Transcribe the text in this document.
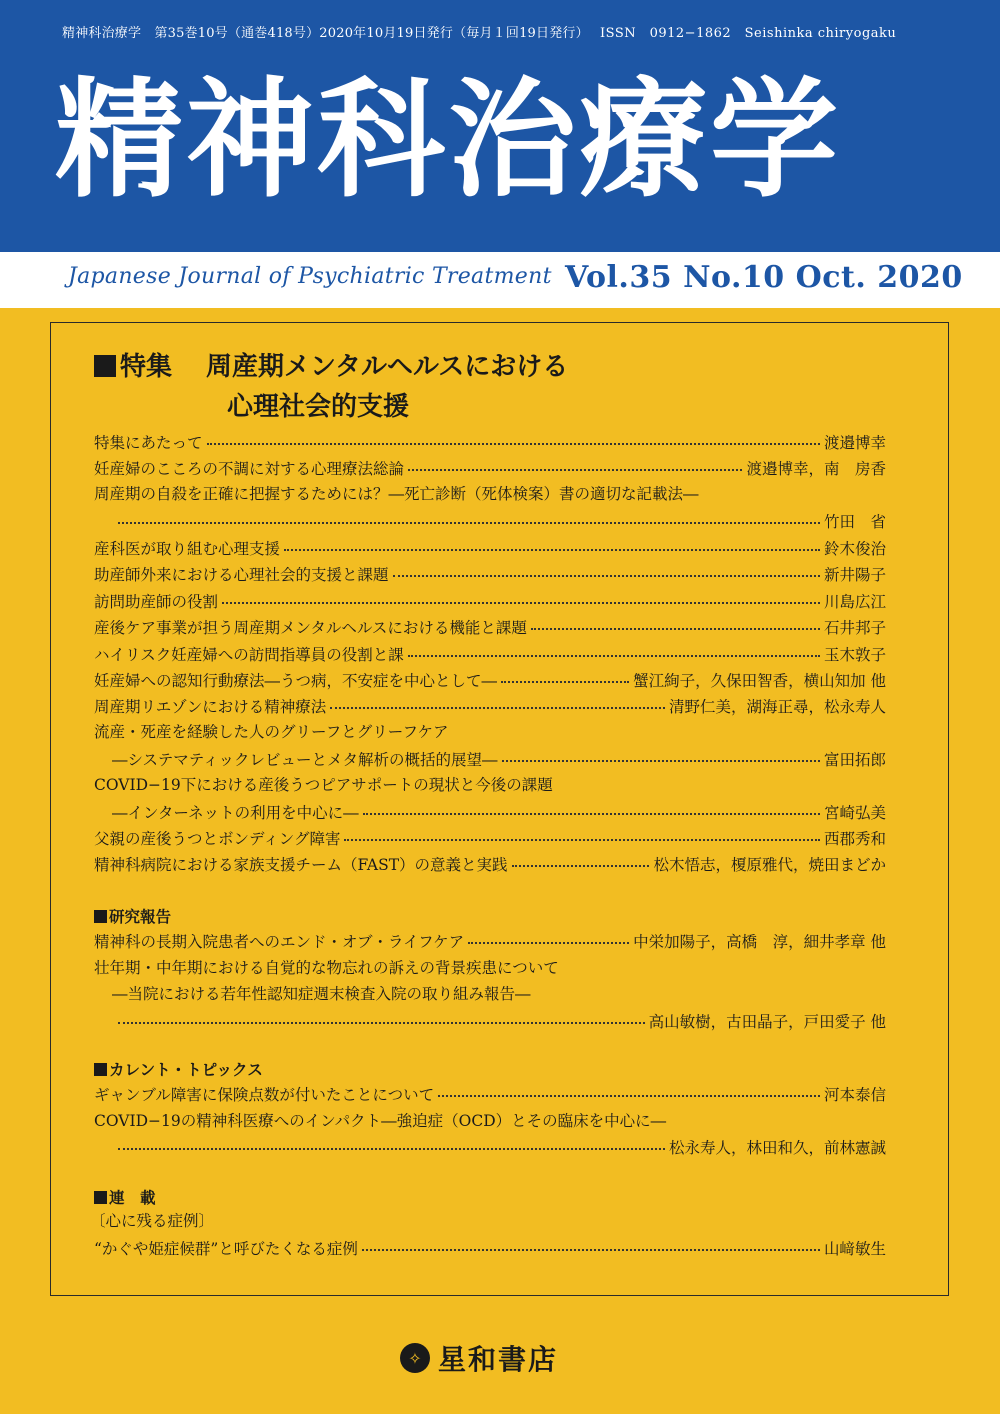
精神科治療学　第35巻10号（通巻418号）2020年10月19日発行（毎月１回19日発行） ISSN　0912−1862　Seishinka chiryogaku
精神科治療学
Japanese Journal of Psychiatric Treatment Vol.35 No.10 Oct. 2020
特集 周産期メンタルヘルスにおける
心理社会的支援
特集にあたって	渡邉博幸
妊産婦のこころの不調に対する心理療法総論	渡邉博幸，南　房香
周産期の自殺を正確に把握するためには？―死亡診断（死体検案）書の適切な記載法―
竹田　省
産科医が取り組む心理支援	鈴木俊治
助産師外来における心理社会的支援と課題	新井陽子
訪問助産師の役割	川島広江
産後ケア事業が担う周産期メンタルヘルスにおける機能と課題	石井邦子
ハイリスク妊産婦への訪問指導員の役割と課	玉木敦子
妊産婦への認知行動療法―うつ病，不安症を中心として―	蟹江絢子，久保田智香，横山知加 他
周産期リエゾンにおける精神療法	清野仁美，湖海正尋，松永寿人
流産・死産を経験した人のグリーフとグリーフケア
―システマティックレビューとメタ解析の概括的展望―	富田拓郎
COVID−19下における産後うつピアサポートの現状と今後の課題
―インターネットの利用を中心に―	宮崎弘美
父親の産後うつとボンディング障害	西郡秀和
精神科病院における家族支援チーム（FAST）の意義と実践	松木悟志，榎原雅代，焼田まどか
研究報告
精神科の長期入院患者へのエンド・オブ・ライフケア	中栄加陽子，高橋　淳，細井孝章 他
壮年期・中年期における自覚的な物忘れの訴えの背景疾患について
―当院における若年性認知症週末検査入院の取り組み報告―
高山敏樹，古田晶子，戸田愛子 他
カレント・トピックス
ギャンブル障害に保険点数が付いたことについて	河本泰信
COVID−19の精神科医療へのインパクト―強迫症（OCD）とその臨床を中心に―
松永寿人，林田和久，前林憲誠
連　載
〔心に残る症例〕
“かぐや姫症候群”と呼びたくなる症例	山﨑敏生
✧ 星和書店
